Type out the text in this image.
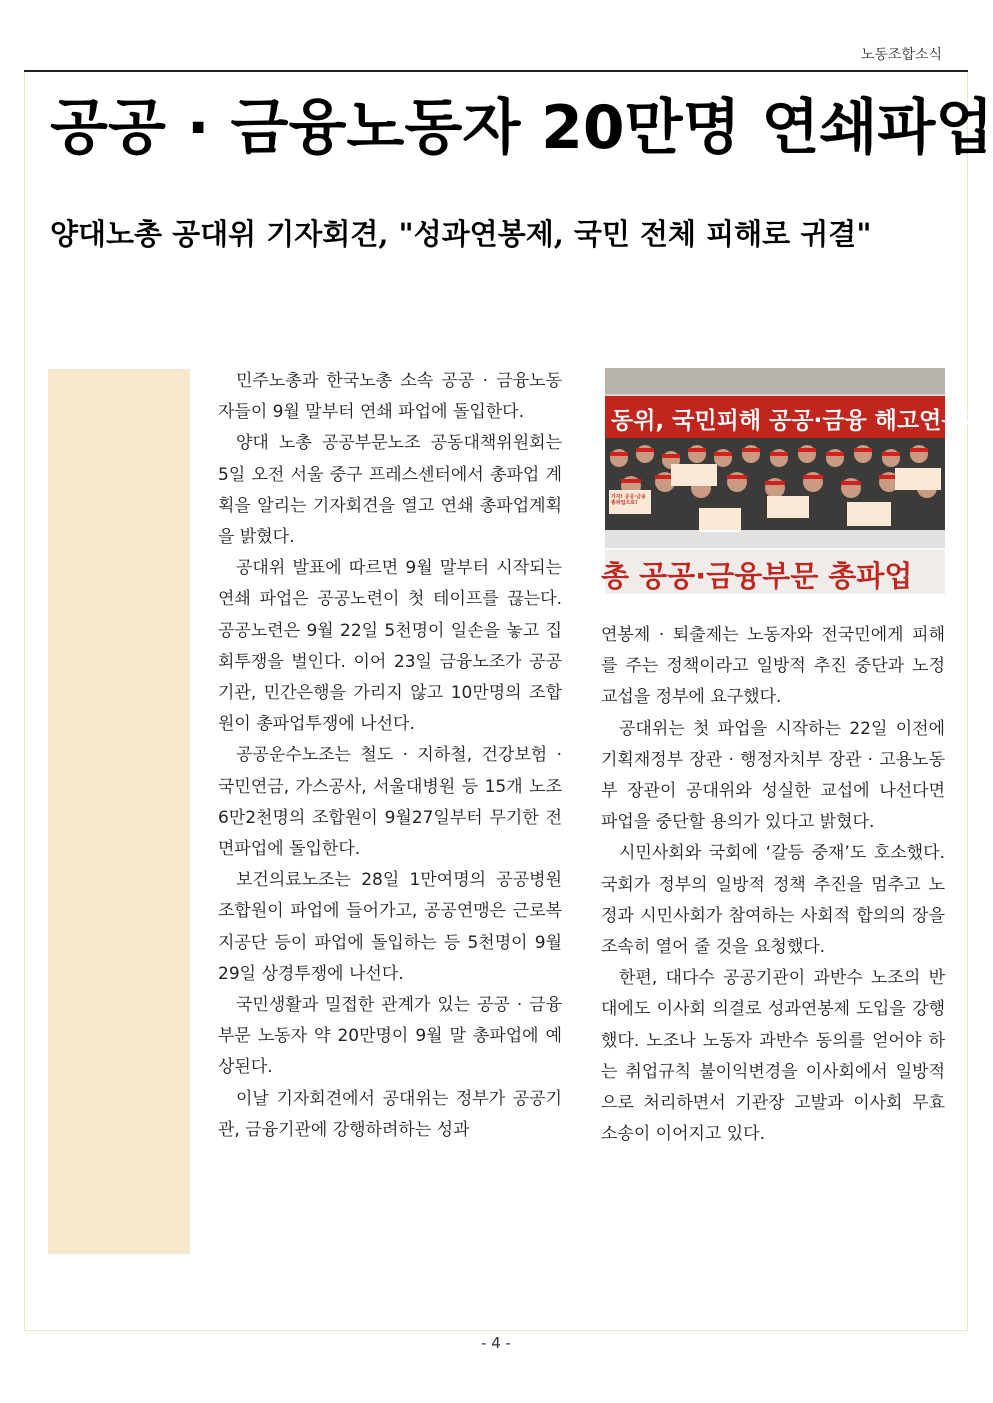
노동조합소식
공공 · 금융노동자 20만명 연쇄파업
양대노총 공대위 기자회견, "성과연봉제, 국민 전체 피해로 귀결"

민주노총과 한국노총 소속 공공 · 금융노동자들이 9월 말부터 연쇄 파업에 돌입한다.

양대 노총 공공부문노조 공동대책위원회는 5일 오전 서울 중구 프레스센터에서 총파업 계획을 알리는 기자회견을 열고 연쇄 총파업계획을 밝혔다.

공대위 발표에 따르면 9월 말부터 시작되는 연쇄 파업은 공공노련이 첫 테이프를 끊는다. 공공노련은 9월 22일 5천명이 일손을 놓고 집회투쟁을 벌인다. 이어 23일 금융노조가 공공기관, 민간은행을 가리지 않고 10만명의 조합원이 총파업투쟁에 나선다.

공공운수노조는 철도 · 지하철, 건강보험 · 국민연금, 가스공사, 서울대병원 등 15개 노조 6만2천명의 조합원이 9월27일부터 무기한 전면파업에 돌입한다.

보건의료노조는 28일 1만여명의 공공병원 조합원이 파업에 들어가고, 공공연맹은 근로복지공단 등이 파업에 돌입하는 등 5천명이 9월29일 상경투쟁에 나선다.

국민생활과 밀접한 관계가 있는 공공 · 금융부문 노동자 약 20만명이 9월 말 총파업에 예상된다.

이날 기자회견에서 공대위는 정부가 공공기관, 금융기관에 강행하려하는 성과

동위, 국민피해 공공·금융 해고연봉제
총 공공·금융부문 총파업
가자! 공공·금융 총파업으로!

연봉제 · 퇴출제는 노동자와 전국민에게 피해를 주는 정책이라고 일방적 추진 중단과 노정교섭을 정부에 요구했다.

공대위는 첫 파업을 시작하는 22일 이전에 기획재정부 장관 · 행정자치부 장관 · 고용노동부 장관이 공대위와 성실한 교섭에 나선다면 파업을 중단할 용의가 있다고 밝혔다.

시민사회와 국회에 ‘갈등 중재’도 호소했다. 국회가 정부의 일방적 정책 추진을 멈추고 노정과 시민사회가 참여하는 사회적 합의의 장을 조속히 열어 줄 것을 요청했다.

한편, 대다수 공공기관이 과반수 노조의 반대에도 이사회 의결로 성과연봉제 도입을 강행했다. 노조나 노동자 과반수 동의를 얻어야 하는 취업규칙 불이익변경을 이사회에서 일방적으로 처리하면서 기관장 고발과 이사회 무효 소송이 이어지고 있다.

- 4 -
